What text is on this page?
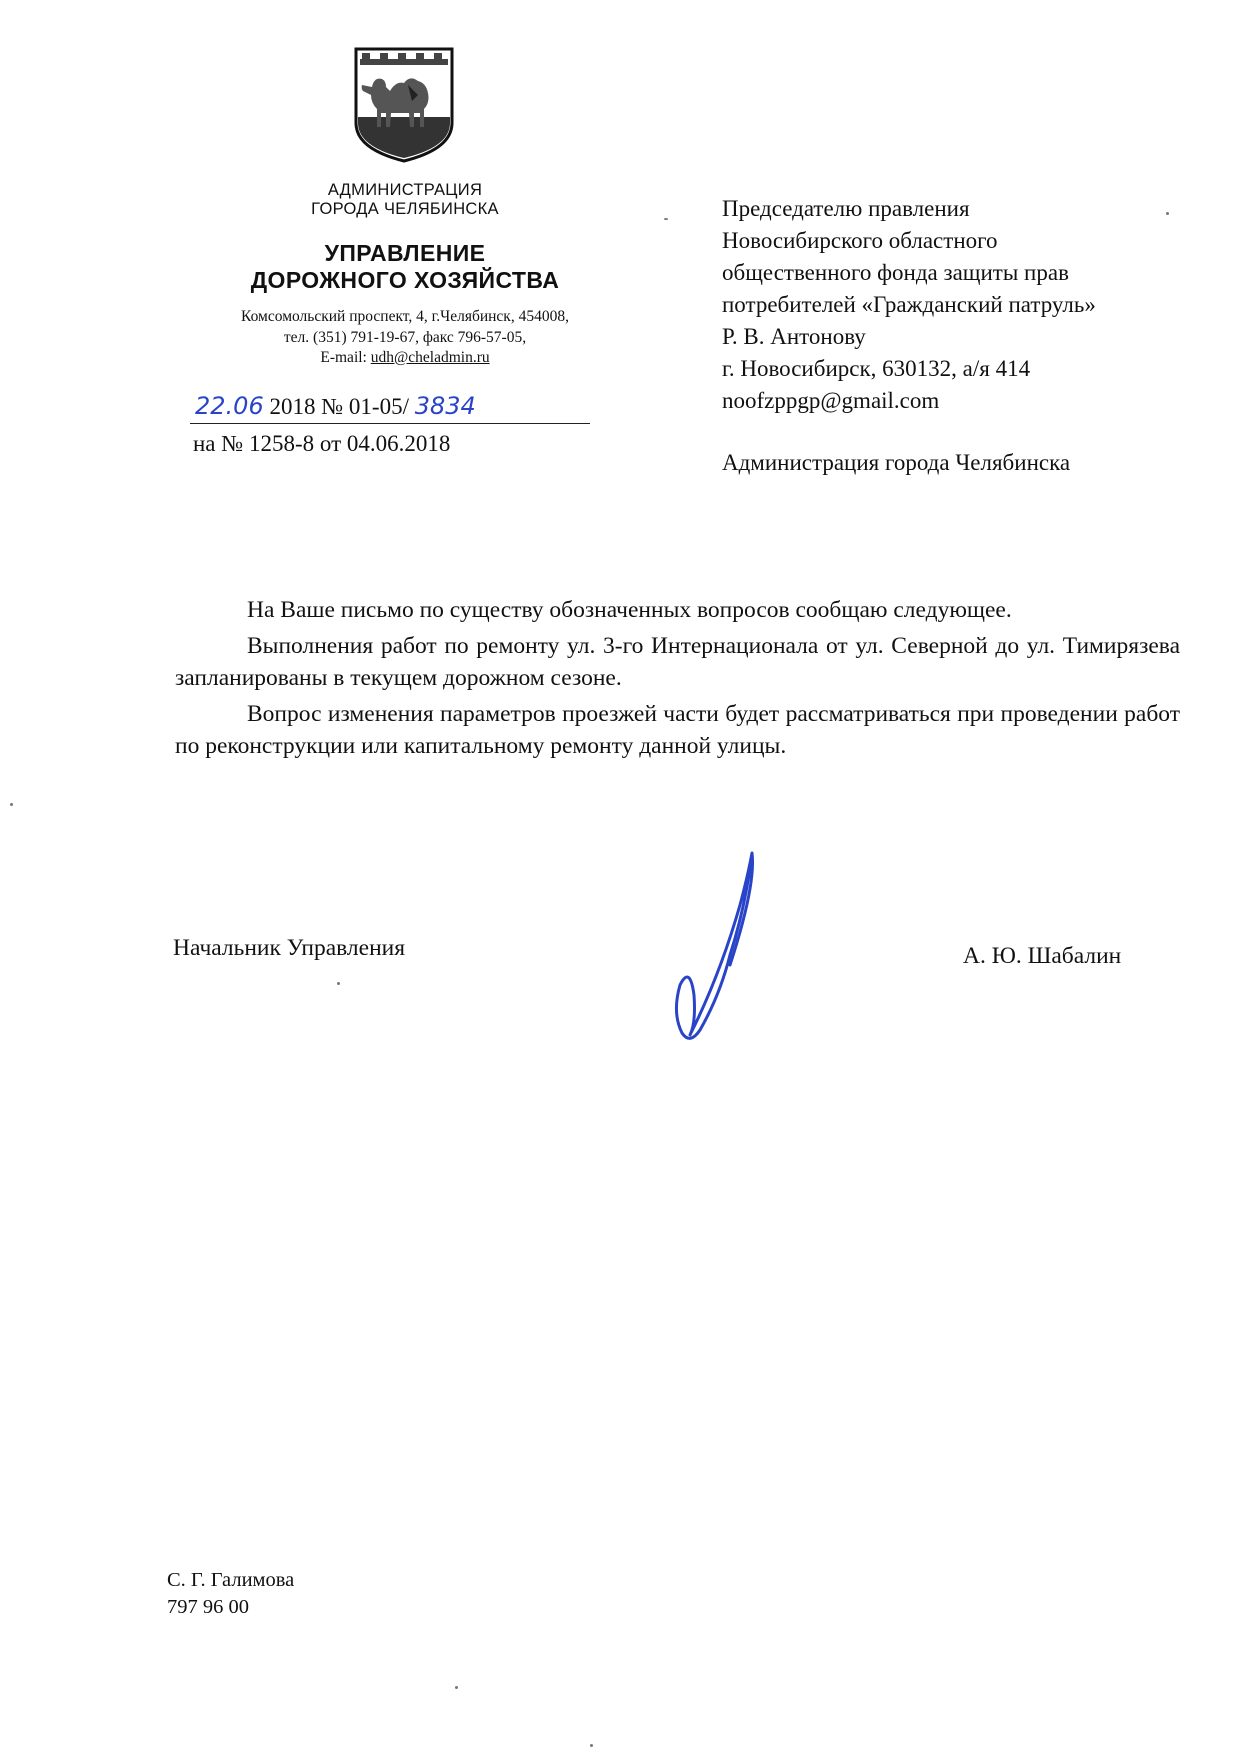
АДМИНИСТРАЦИЯ
ГОРОДА ЧЕЛЯБИНСКА
УПРАВЛЕНИЕ
ДОРОЖНОГО ХОЗЯЙСТВА
Комсомольский проспект, 4, г.Челябинск, 454008,
тел. (351) 791-19-67, факс 796-57-05,
E-mail: udh@cheladmin.ru
22.06 2018 № 01-05/ 3834
на № 1258-8 от 04.06.2018
Председателю правления
Новосибирского областного
общественного фонда защиты прав
потребителей «Гражданский патруль»
Р. В. Антонову
г. Новосибирск, 630132, а/я 414
noofzppgp@gmail.com
Администрация города Челябинска

На Ваше письмо по существу обозначенных вопросов сообщаю следующее.

Выполнения работ по ремонту ул. 3-го Интернационала от ул. Северной до ул. Тимирязева запланированы в текущем дорожном сезоне.

Вопрос изменения параметров проезжей части будет рассматриваться при проведении работ по реконструкции или капитальному ремонту данной улицы.

Начальник Управления	А. Ю. Шабалин
С. Г. Галимова
797 96 00
